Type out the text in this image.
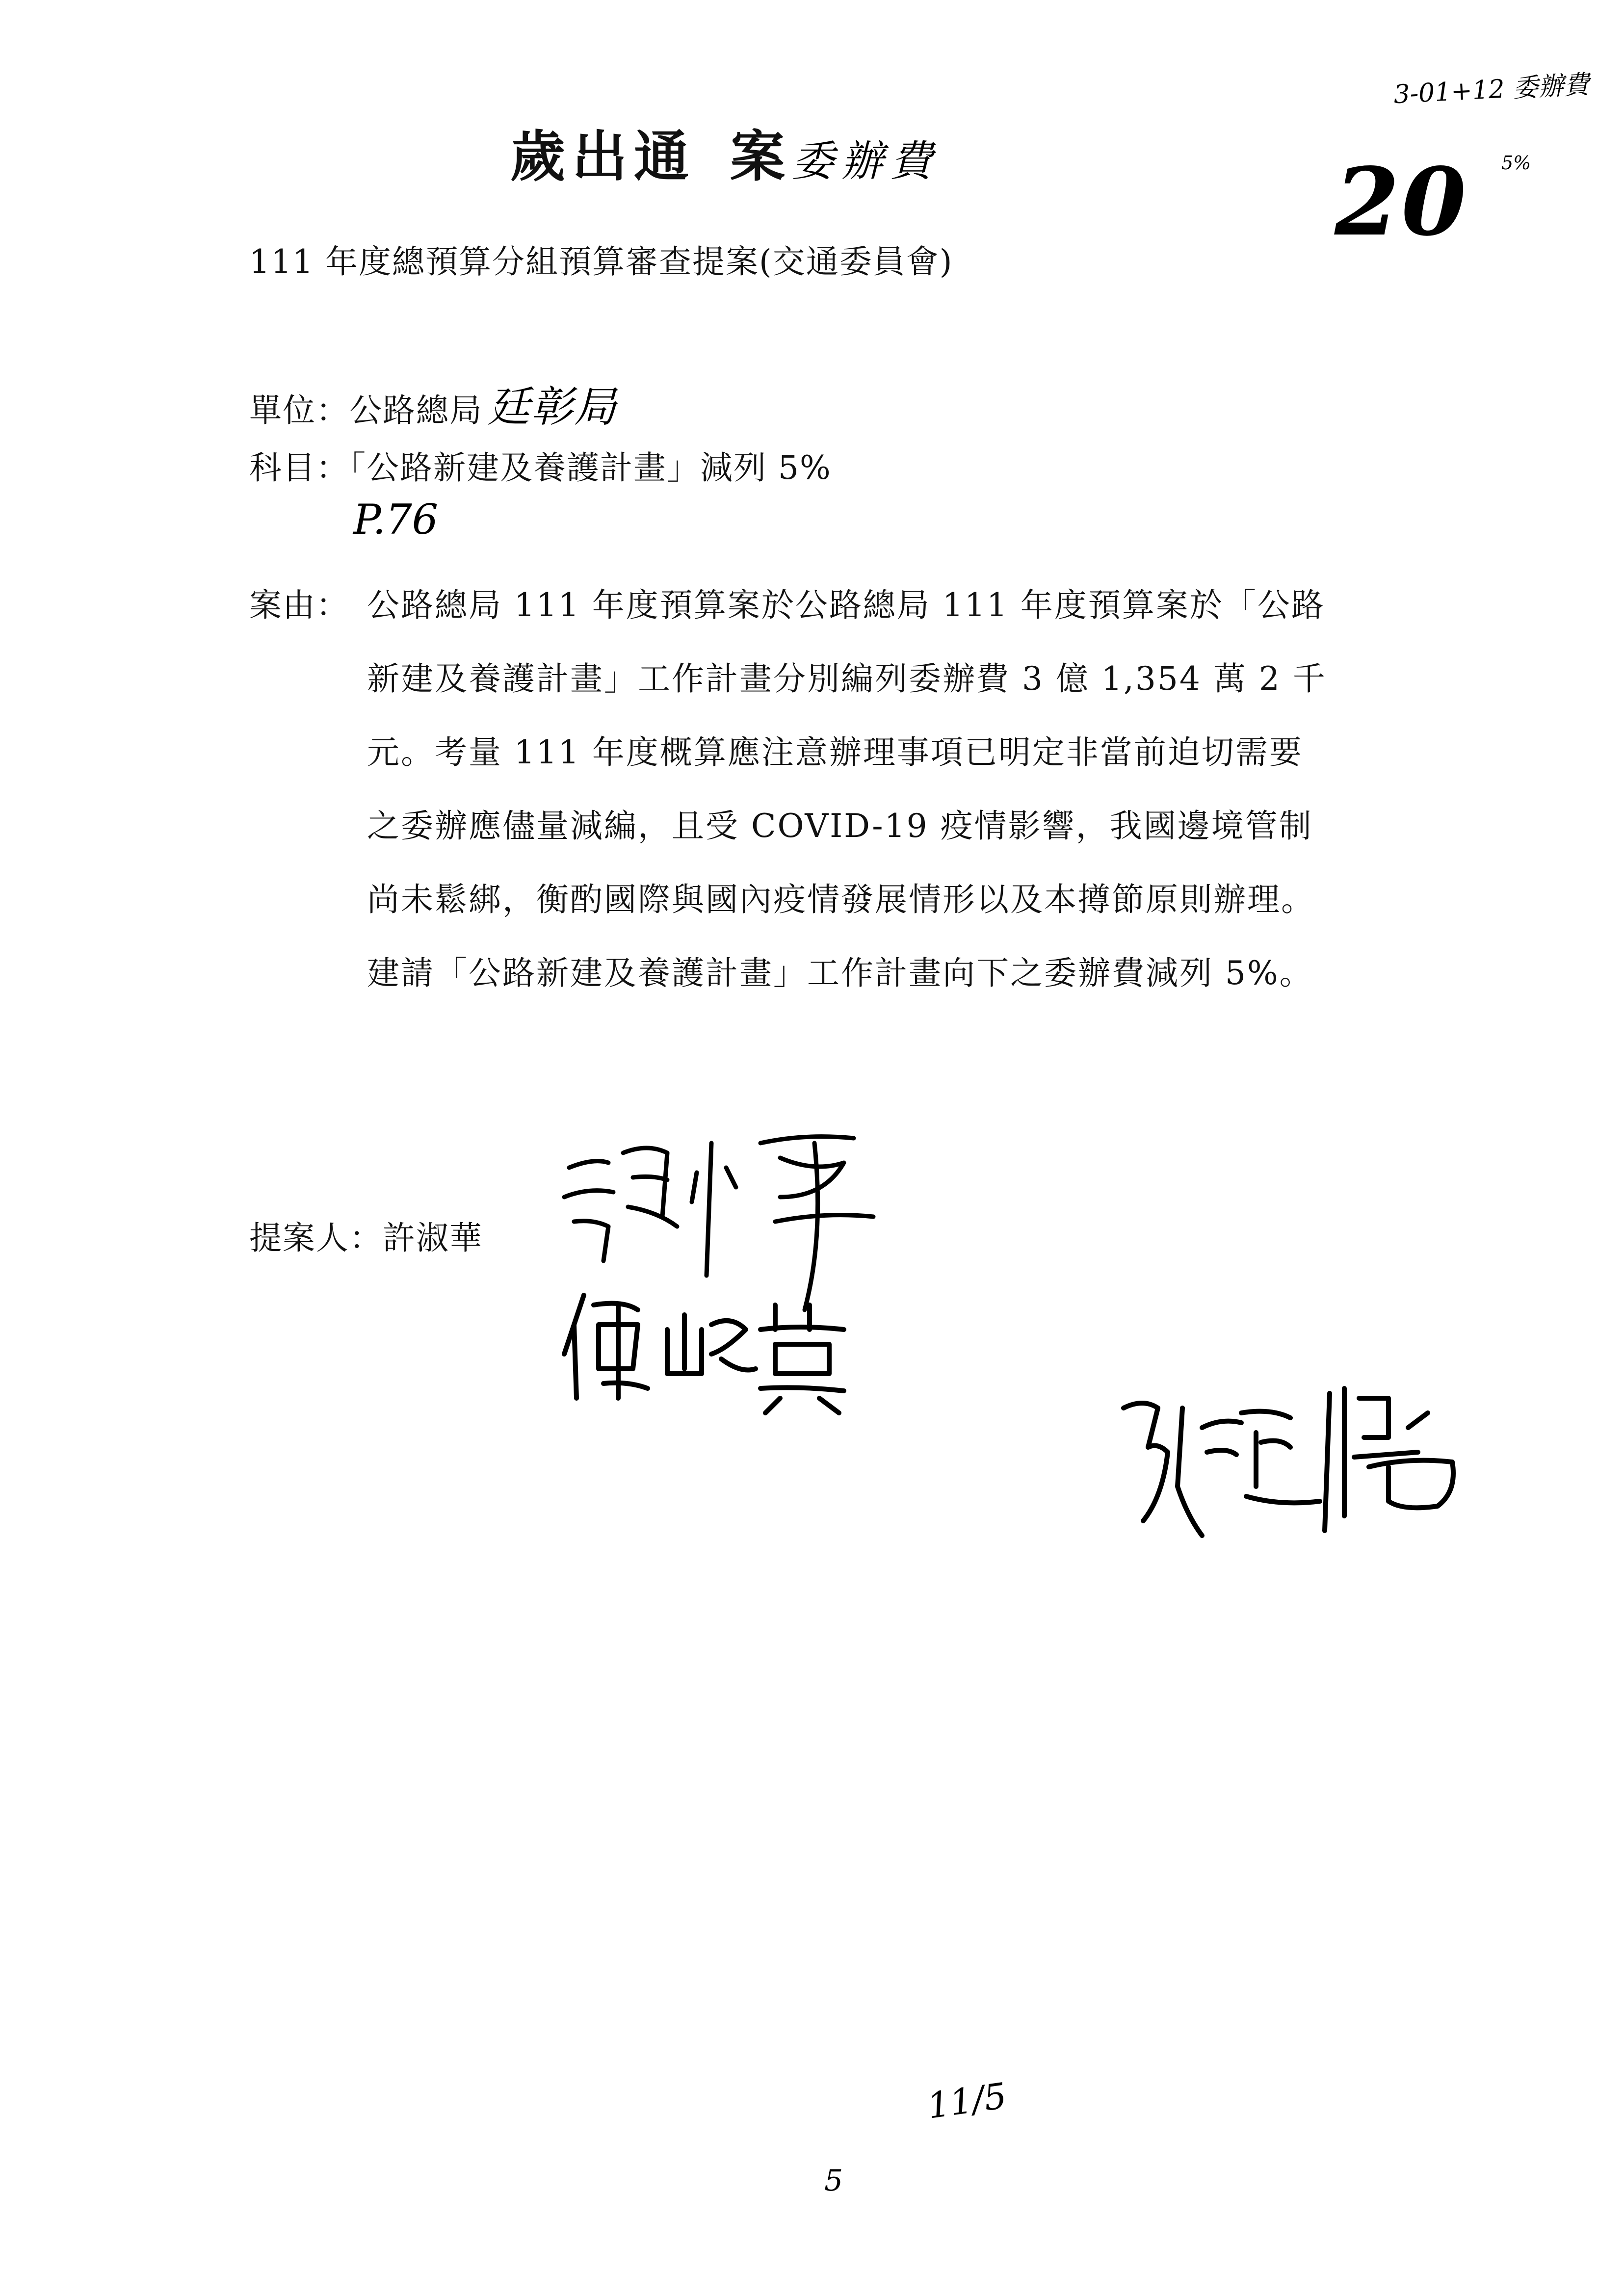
歲出通 案委辦費
3-01+12 委辦費
20 5%
111 年度總預算分組預算審查提案(交通委員會)
單位：公路總局 廷彰局
科目：「公路新建及養護計畫」減列 5%
P.76
案由： 公路總局 111 年度預算案於公路總局 111 年度預算案於「公路
新建及養護計畫」工作計畫分別編列委辦費 3 億 1,354 萬 2 千
元。考量 111 年度概算應注意辦理事項已明定非當前迫切需要
之委辦應儘量減編，且受 COVID-19 疫情影響，我國邊境管制
尚未鬆綁，衡酌國際與國內疫情發展情形以及本撙節原則辦理。
建請「公路新建及養護計畫」工作計畫向下之委辦費減列 5%。
提案人：許淑華
11/5
5
